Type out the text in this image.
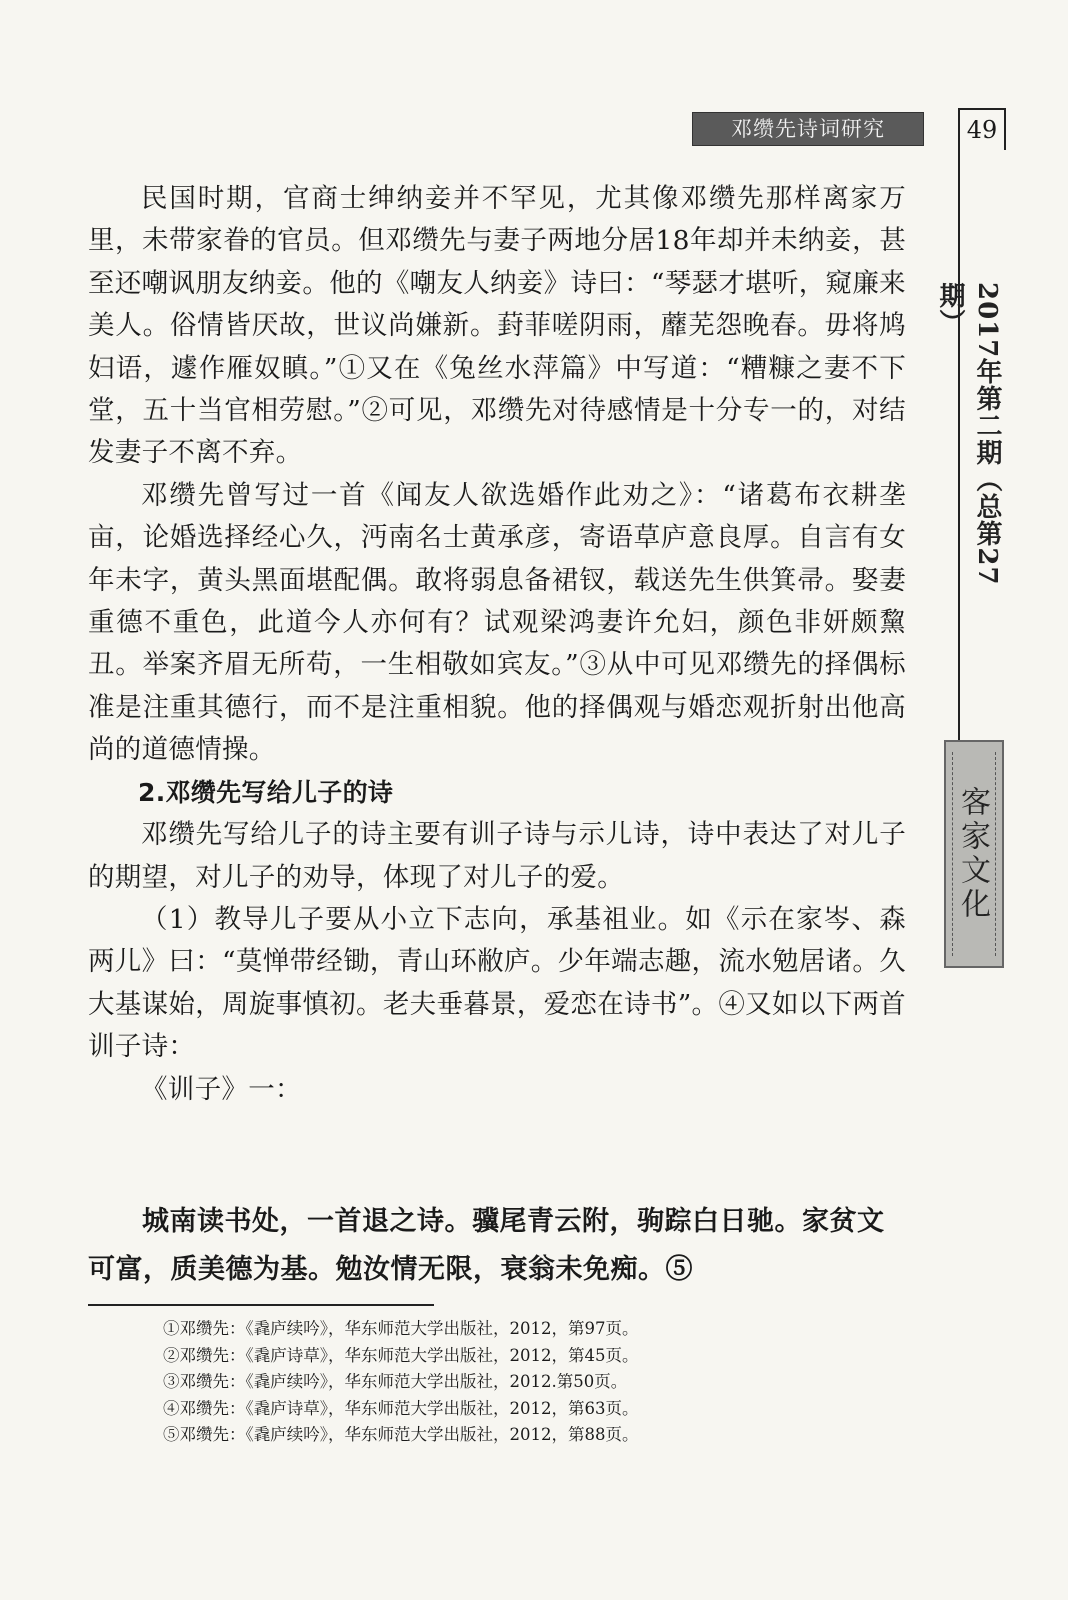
邓缵先诗词研究	49
2017年第二期（总第27期）
客家文化

民国时期，官商士绅纳妾并不罕见，尤其像邓缵先那样离家万里，未带家眷的官员。但邓缵先与妻子两地分居18年却并未纳妾，甚至还嘲讽朋友纳妾。他的《嘲友人纳妾》诗曰：“琴瑟才堪听，窥廉来美人。俗情皆厌故，世议尚嫌新。葑菲嗟阴雨，蘼芜怨晚春。毋将鸠妇语，遽作雁奴瞋。”①又在《兔丝水萍篇》中写道：“糟糠之妻不下堂，五十当官相劳慰。”②可见，邓缵先对待感情是十分专一的，对结发妻子不离不弃。

邓缵先曾写过一首《闻友人欲选婚作此劝之》：“诸葛布衣耕垄亩，论婚选择经心久，沔南名士黄承彦，寄语草庐意良厚。自言有女年未字，黄头黑面堪配偶。敢将弱息备裙钗，载送先生供箕帚。娶妻重德不重色，此道今人亦何有？试观梁鸿妻许允妇，颜色非妍颇黧丑。举案齐眉无所苟，一生相敬如宾友。”③从中可见邓缵先的择偶标准是注重其德行，而不是注重相貌。他的择偶观与婚恋观折射出他高尚的道德情操。

2.邓缵先写给儿子的诗

邓缵先写给儿子的诗主要有训子诗与示儿诗，诗中表达了对儿子的期望，对儿子的劝导，体现了对儿子的爱。

（1）教导儿子要从小立下志向，承基祖业。如《示在家岑、森两儿》曰：“莫惮带经锄，青山环敝庐。少年端志趣，流水勉居诸。久大基谋始，周旋事慎初。老夫垂暮景，爱恋在诗书”。④又如以下两首训子诗：

《训子》一：

城南读书处，一首退之诗。骥尾青云附，驹踪白日驰。家贫文可富，质美德为基。勉汝情无限，衰翁未免痴。⑤

①邓缵先：《毳庐续吟》，华东师范大学出版社，2012，第97页。
②邓缵先：《毳庐诗草》，华东师范大学出版社，2012，第45页。
③邓缵先：《毳庐续吟》，华东师范大学出版社，2012.第50页。
④邓缵先：《毳庐诗草》，华东师范大学出版社，2012，第63页。
⑤邓缵先：《毳庐续吟》，华东师范大学出版社，2012，第88页。
